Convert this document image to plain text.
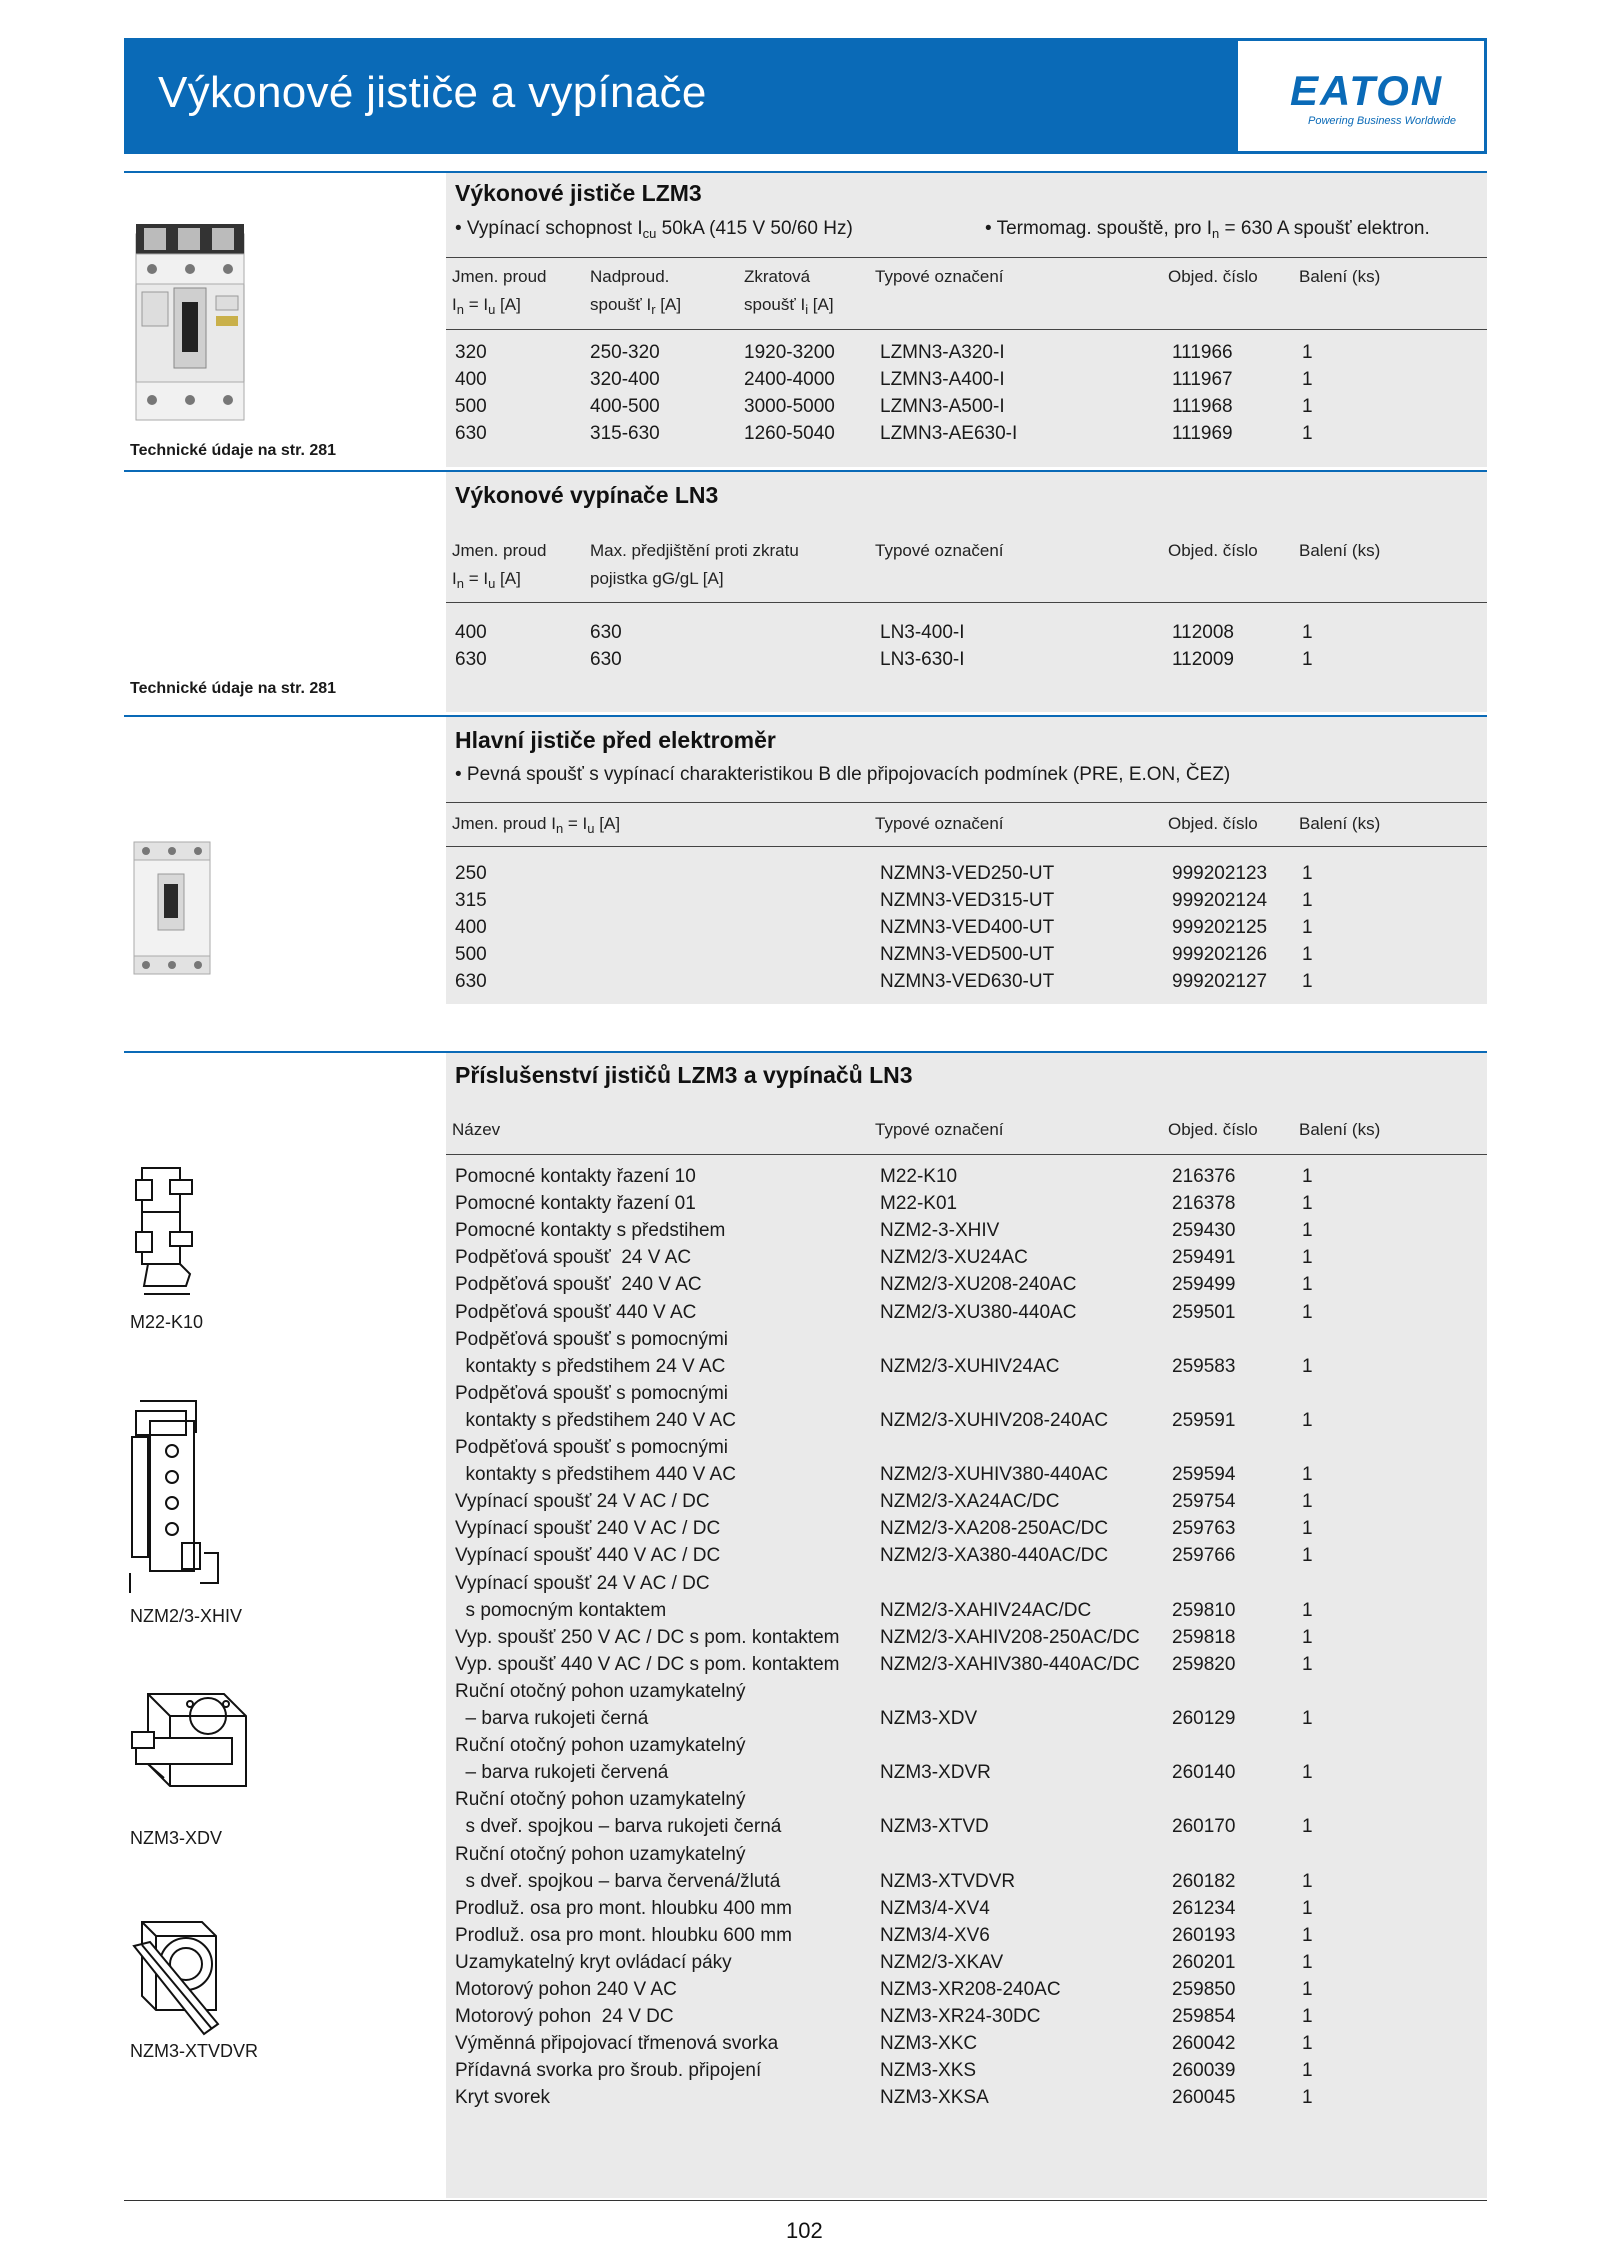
Výkonové jističe a vypínače	EATON
Powering Business Worldwide
Výkonové jističe LZM3
• Vypínací schopnost $I_{cu}$ 50kA (415 V 50/60 Hz)	• Termomag. spouště, pro $I_n = 630$ A spoušť elektron.
Jmen. proud
$I_n = I_u$ [A]
Nadproud.
spoušť $I_r$ [A]
Zkratová
spoušť $I_i$ [A]
Typové označení	Objed. číslo Balení (ks)
320	250-320	1920-3200 LZMN3-A320-I	111966	1
400	320-400	2400-4000 LZMN3-A400-I	111967	1
500	400-500	3000-5000 LZMN3-A500-I	111968	1
630	315-630	1260-5040 LZMN3-AE630-I	111969	1
Technické údaje na str. 281
Výkonové vypínače LN3
Jmen. proud
$I_n = I_u$ [A]
Max. předjištění proti zkratu
pojistka gG/gL [A]
Typové označení	Objed. číslo Balení (ks)
400	630	LN3-400-I	112008	1
630	630	LN3-630-I	112009	1
Technické údaje na str. 281
Hlavní jističe před elektroměr
• Pevná spoušť s vypínací charakteristikou B dle připojovacích podmínek (PRE, E.ON, ČEZ)
Jmen. proud $I_n = I_u$ [A]	Typové označení	Objed. číslo Balení (ks)
250	NZMN3-VED250-UT	999202123 1
315	NZMN3-VED315-UT	999202124 1
400	NZMN3-VED400-UT	999202125 1
500	NZMN3-VED500-UT	999202126 1
630	NZMN3-VED630-UT	999202127 1
Příslušenství jističů LZM3 a vypínačů LN3
Název	Typové označení	Objed. číslo Balení (ks)
Pomocné kontakty řazení 10	M22-K10	216376	1
Pomocné kontakty řazení 01	M22-K01	216378	1
Pomocné kontakty s předstihem	NZM2-3-XHIV	259430	1
Podpěťová spoušť  24 V AC	NZM2/3-XU24AC	259491	1
Podpěťová spoušť  240 V AC	NZM2/3-XU208-240AC	259499	1
Podpěťová spoušť 440 V AC	NZM2/3-XU380-440AC	259501	1
Podpěťová spoušť s pomocnými
kontakty s předstihem 24 V AC	NZM2/3-XUHIV24AC	259583	1
Podpěťová spoušť s pomocnými
kontakty s předstihem 240 V AC	NZM2/3-XUHIV208-240AC	259591	1
Podpěťová spoušť s pomocnými
kontakty s předstihem 440 V AC	NZM2/3-XUHIV380-440AC	259594	1
Vypínací spoušť 24 V AC / DC	NZM2/3-XA24AC/DC	259754	1
Vypínací spoušť 240 V AC / DC	NZM2/3-XA208-250AC/DC	259763	1
Vypínací spoušť 440 V AC / DC	NZM2/3-XA380-440AC/DC	259766	1
Vypínací spoušť 24 V AC / DC
s pomocným kontaktem	NZM2/3-XAHIV24AC/DC	259810	1
Vyp. spoušť 250 V AC / DC s pom. kontaktem NZM2/3-XAHIV208-250AC/DC 259818	1
Vyp. spoušť 440 V AC / DC s pom. kontaktem NZM2/3-XAHIV380-440AC/DC 259820	1
Ruční otočný pohon uzamykatelný
– barva rukojeti černá	NZM3-XDV	260129	1
Ruční otočný pohon uzamykatelný
– barva rukojeti červená	NZM3-XDVR	260140	1
Ruční otočný pohon uzamykatelný
s dveř. spojkou – barva rukojeti černá	NZM3-XTVD	260170	1
Ruční otočný pohon uzamykatelný
s dveř. spojkou – barva červená/žlutá	NZM3-XTVDVR	260182	1
Prodluž. osa pro mont. hloubku 400 mm	NZM3/4-XV4	261234	1
Prodluž. osa pro mont. hloubku 600 mm	NZM3/4-XV6	260193	1
Uzamykatelný kryt ovládací páky	NZM2/3-XKAV	260201	1
Motorový pohon 240 V AC	NZM3-XR208-240AC	259850	1
Motorový pohon  24 V DC	NZM3-XR24-30DC	259854	1
Výměnná připojovací třmenová svorka	NZM3-XKC	260042	1
Přídavná svorka pro šroub. připojení	NZM3-XKS	260039	1
Kryt svorek	NZM3-XKSA	260045	1
M22-K10
NZM2/3-XHIV
NZM3-XDV
NZM3-XTVDVR
102
